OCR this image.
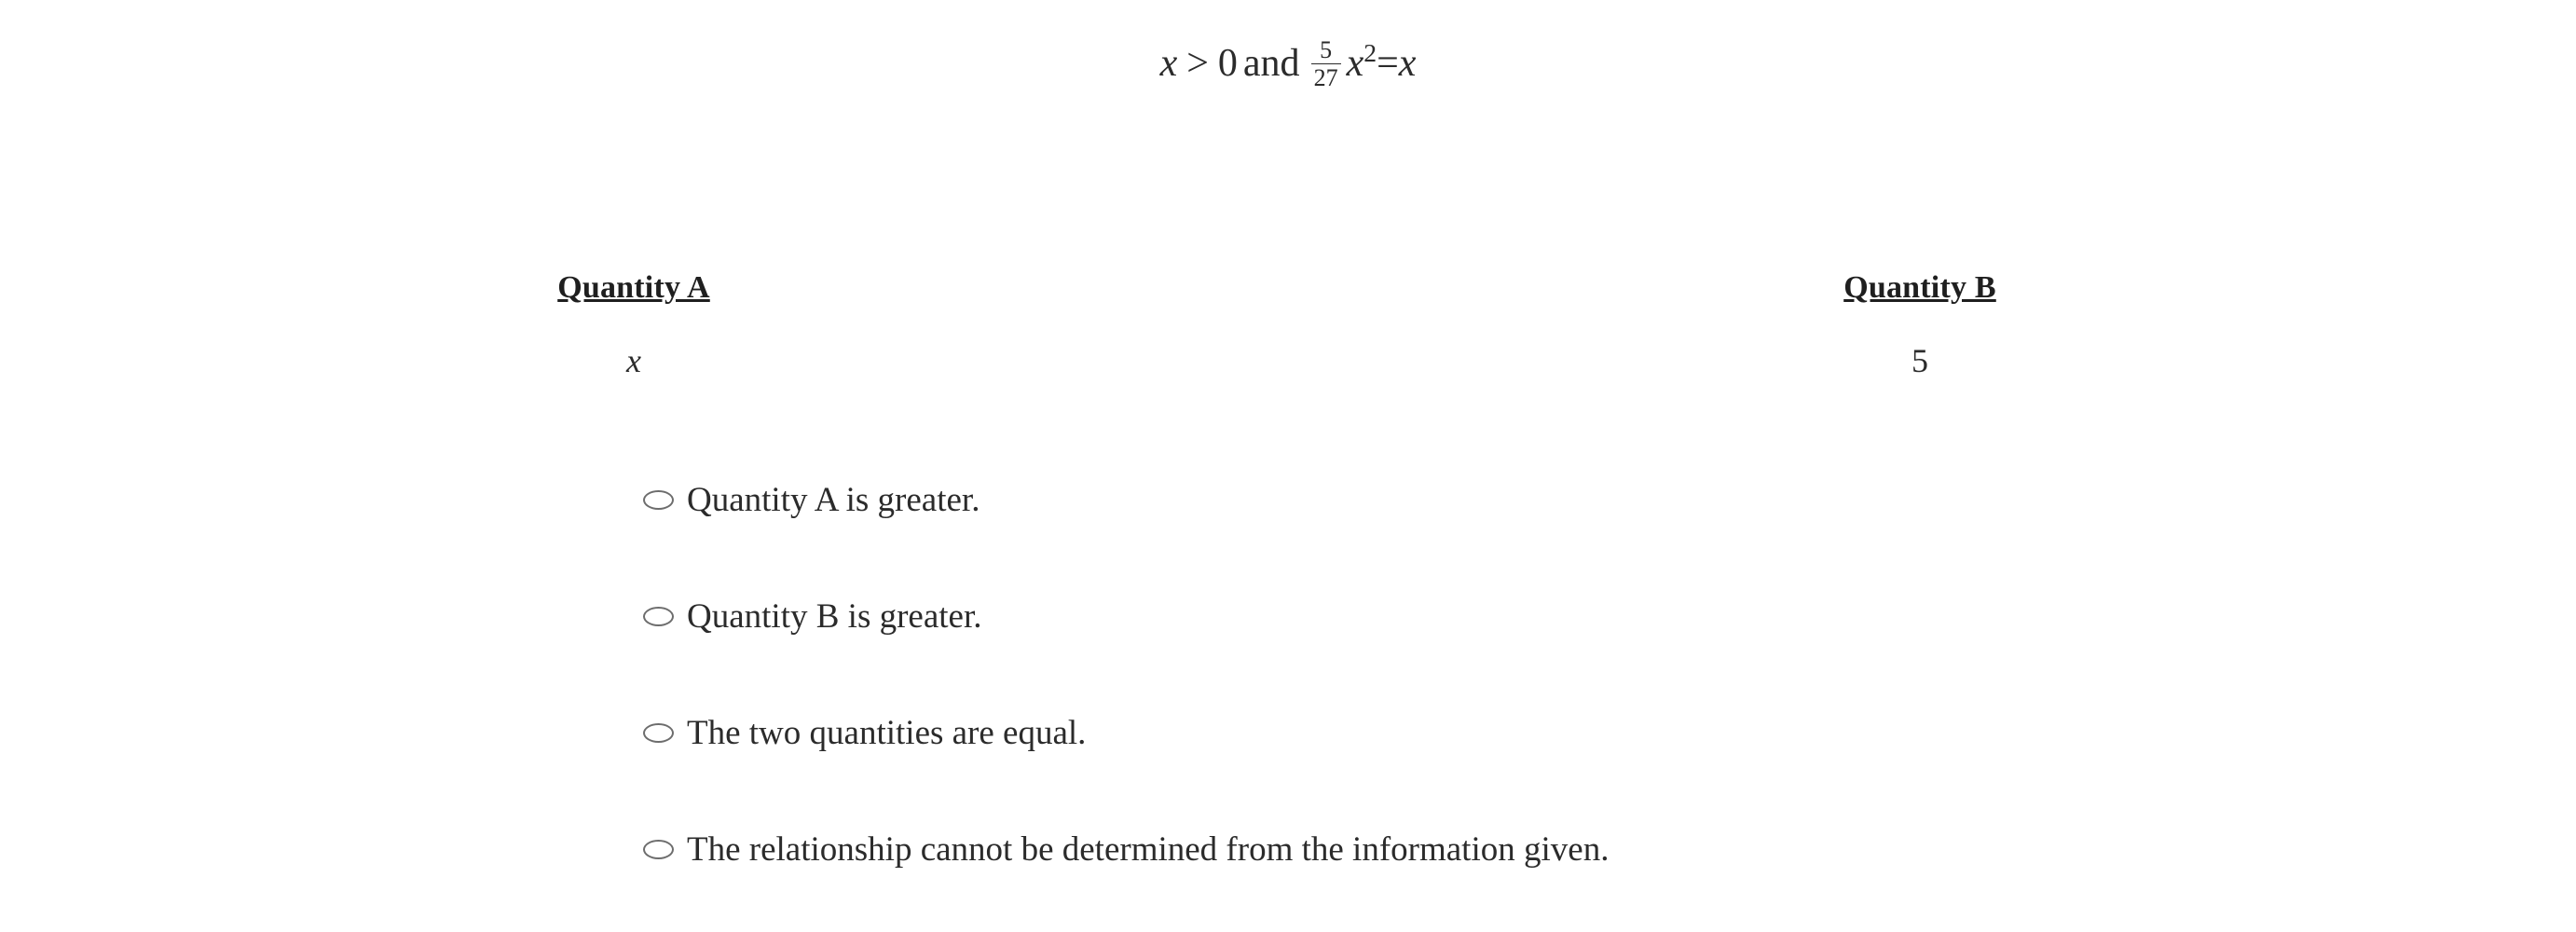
x > 0 and $\frac{5}{27} x^2=x$
Quantity A
x
Quantity B
5
Quantity A is greater.
Quantity B is greater.
The two quantities are equal.
The relationship cannot be determined from the information given.
